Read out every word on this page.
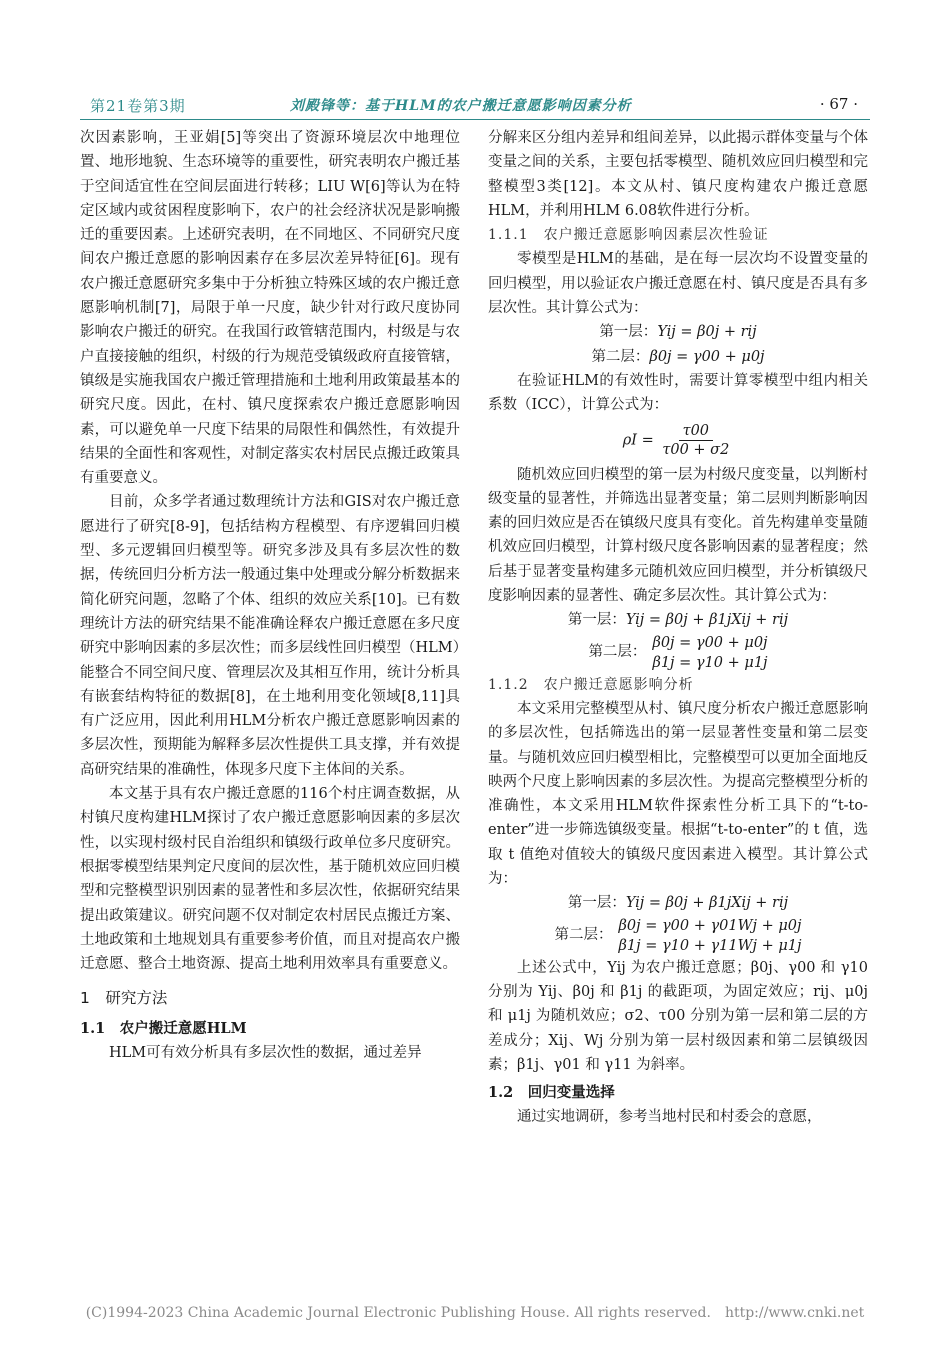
第21卷第3期	刘殿锋等：基于HLM的农户搬迁意愿影响因素分析	· 67 ·

次因素影响，王亚娟[5]等突出了资源环境层次中地理位置、地形地貌、生态环境等的重要性，研究表明农户搬迁基于空间适宜性在空间层面进行转移；LIU W[6]等认为在特定区域内或贫困程度影响下，农户的社会经济状况是影响搬迁的重要因素。上述研究表明，在不同地区、不同研究尺度间农户搬迁意愿的影响因素存在多层次差异特征[6]。现有农户搬迁意愿研究多集中于分析独立特殊区域的农户搬迁意愿影响机制[7]，局限于单一尺度，缺少针对行政尺度协同影响农户搬迁的研究。在我国行政管辖范围内，村级是与农户直接接触的组织，村级的行为规范受镇级政府直接管辖，镇级是实施我国农户搬迁管理措施和土地利用政策最基本的研究尺度。因此，在村、镇尺度探索农户搬迁意愿影响因素，可以避免单一尺度下结果的局限性和偶然性，有效提升结果的全面性和客观性，对制定落实农村居民点搬迁政策具有重要意义。

目前，众多学者通过数理统计方法和GIS对农户搬迁意愿进行了研究[8-9]，包括结构方程模型、有序逻辑回归模型、多元逻辑回归模型等。研究多涉及具有多层次性的数据，传统回归分析方法一般通过集中处理或分解分析数据来简化研究问题，忽略了个体、组织的效应关系[10]。已有数理统计方法的研究结果不能准确诠释农户搬迁意愿在多尺度研究中影响因素的多层次性；而多层线性回归模型（HLM）能整合不同空间尺度、管理层次及其相互作用，统计分析具有嵌套结构特征的数据[8]，在土地利用变化领域[8,11]具有广泛应用，因此利用HLM分析农户搬迁意愿影响因素的多层次性，预期能为解释多层次性提供工具支撑，并有效提高研究结果的准确性，体现多尺度下主体间的关系。

本文基于具有农户搬迁意愿的116个村庄调查数据，从村镇尺度构建HLM探讨了农户搬迁意愿影响因素的多层次性，以实现村级村民自治组织和镇级行政单位多尺度研究。根据零模型结果判定尺度间的层次性，基于随机效应回归模型和完整模型识别因素的显著性和多层次性，依据研究结果提出政策建议。研究问题不仅对制定农村居民点搬迁方案、土地政策和土地规划具有重要参考价值，而且对提高农户搬迁意愿、整合土地资源、提高土地利用效率具有重要意义。

1　研究方法

1.1　农户搬迁意愿HLM

HLM可有效分析具有多层次性的数据，通过差异

分解来区分组内差异和组间差异，以此揭示群体变量与个体变量之间的关系，主要包括零模型、随机效应回归模型和完整模型3类[12]。本文从村、镇尺度构建农户搬迁意愿HLM，并利用HLM 6.08软件进行分析。

1.1.1　农户搬迁意愿影响因素层次性验证

零模型是HLM的基础，是在每一层次均不设置变量的回归模型，用以验证农户搬迁意愿在村、镇尺度是否具有多层次性。其计算公式为：

第一层：Yij = β0j + rij

第二层：β0j = γ00 + μ0j

在验证HLM的有效性时，需要计算零模型中组内相关系数（ICC），计算公式为：

$\rho I = \frac{\tau 00}{\tau 00 + \sigma 2}$

随机效应回归模型的第一层为村级尺度变量，以判断村级变量的显著性，并筛选出显著变量；第二层则判断影响因素的回归效应是否在镇级尺度具有变化。首先构建单变量随机效应回归模型，计算村级尺度各影响因素的显著程度；然后基于显著变量构建多元随机效应回归模型，并分析镇级尺度影响因素的显著性、确定多层次性。其计算公式为：

第一层：Yij = β0j + β1jXij + rij

第二层：
β0j = γ00 + μ0j
β1j = γ10 + μ1j

1.1.2　农户搬迁意愿影响分析

本文采用完整模型从村、镇尺度分析农户搬迁意愿影响的多层次性，包括筛选出的第一层显著性变量和第二层变量。与随机效应回归模型相比，完整模型可以更加全面地反映两个尺度上影响因素的多层次性。为提高完整模型分析的准确性，本文采用HLM软件探索性分析工具下的“t-to-enter”进一步筛选镇级变量。根据“t-to-enter”的 t 值，选取 t 值绝对值较大的镇级尺度因素进入模型。其计算公式为：

第一层：Yij = β0j + β1jXij + rij

第二层：
β0j = γ00 + γ01Wj + μ0j
β1j = γ10 + γ11Wj + μ1j

上述公式中，Yij 为农户搬迁意愿；β0j、γ00 和 γ10 分别为 Yij、β0j 和 β1j 的截距项，为固定效应；rij、μ0j 和 μ1j 为随机效应；σ2、τ00 分别为第一层和第二层的方差成分；Xij、Wj 分别为第一层村级因素和第二层镇级因素；β1j、γ01 和 γ11 为斜率。

1.2　回归变量选择

通过实地调研，参考当地村民和村委会的意愿，

(C)1994-2023 China Academic Journal Electronic Publishing House. All rights reserved.　http://www.cnki.net
